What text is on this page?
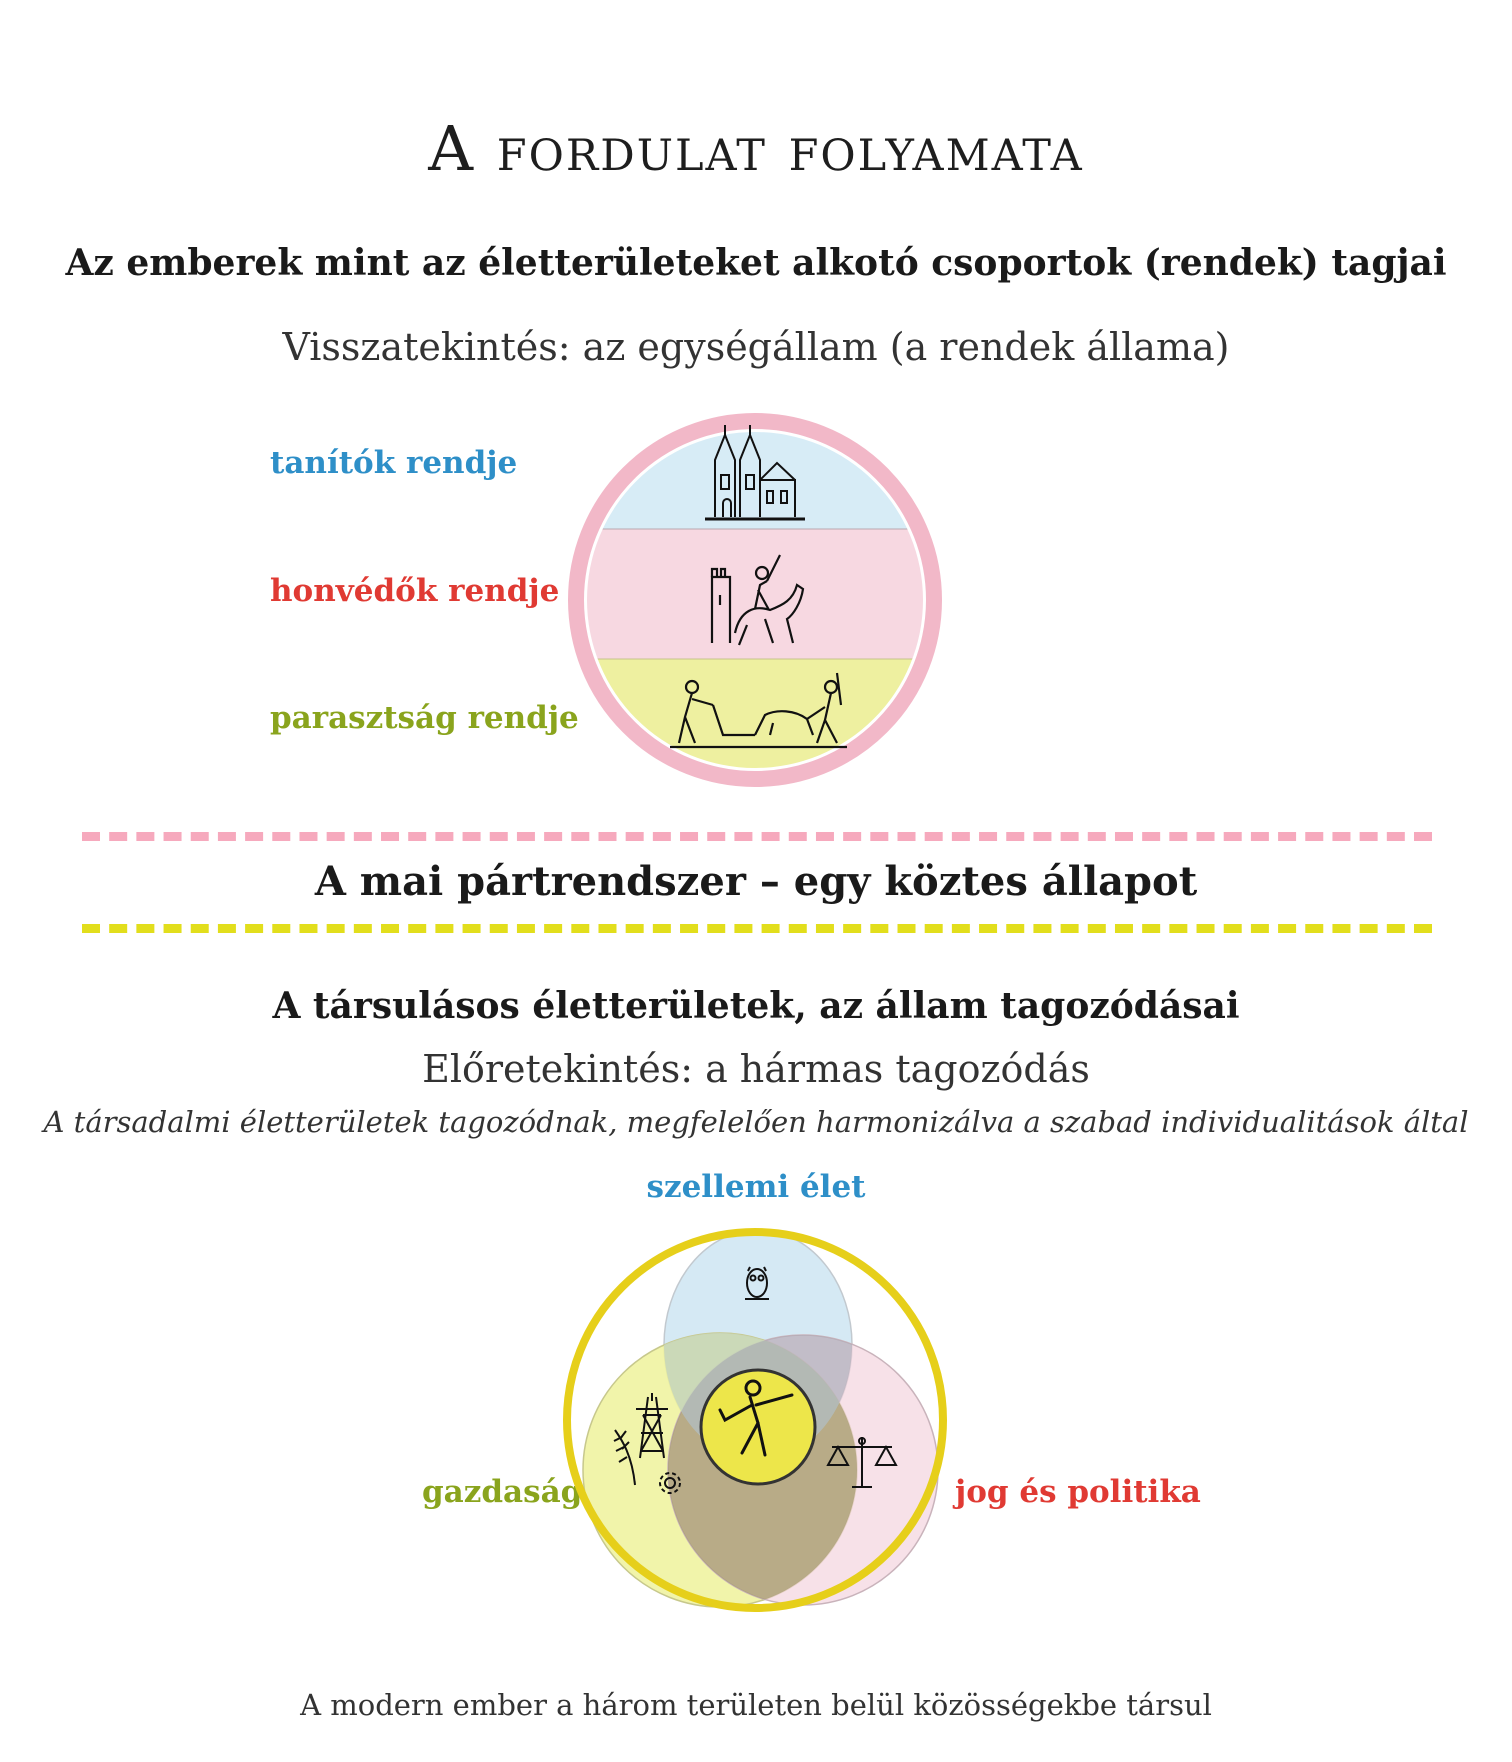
A fordulat folyamata
Az emberek mint az életterületeket alkotó csoportok (rendek) tagjai
Visszatekintés: az egységállam (a rendek állama)
tanítók rendje
honvédők rendje
parasztság rendje
A mai pártrendszer – egy köztes állapot
A társulásos életterületek, az állam tagozódásai
Előretekintés: a hármas tagozódás
A társadalmi életterületek tagozódnak, megfelelően harmonizálva a szabad individualitások által
szellemi élet
gazdaság	jog és politika
A modern ember a három területen belül közösségekbe társul
